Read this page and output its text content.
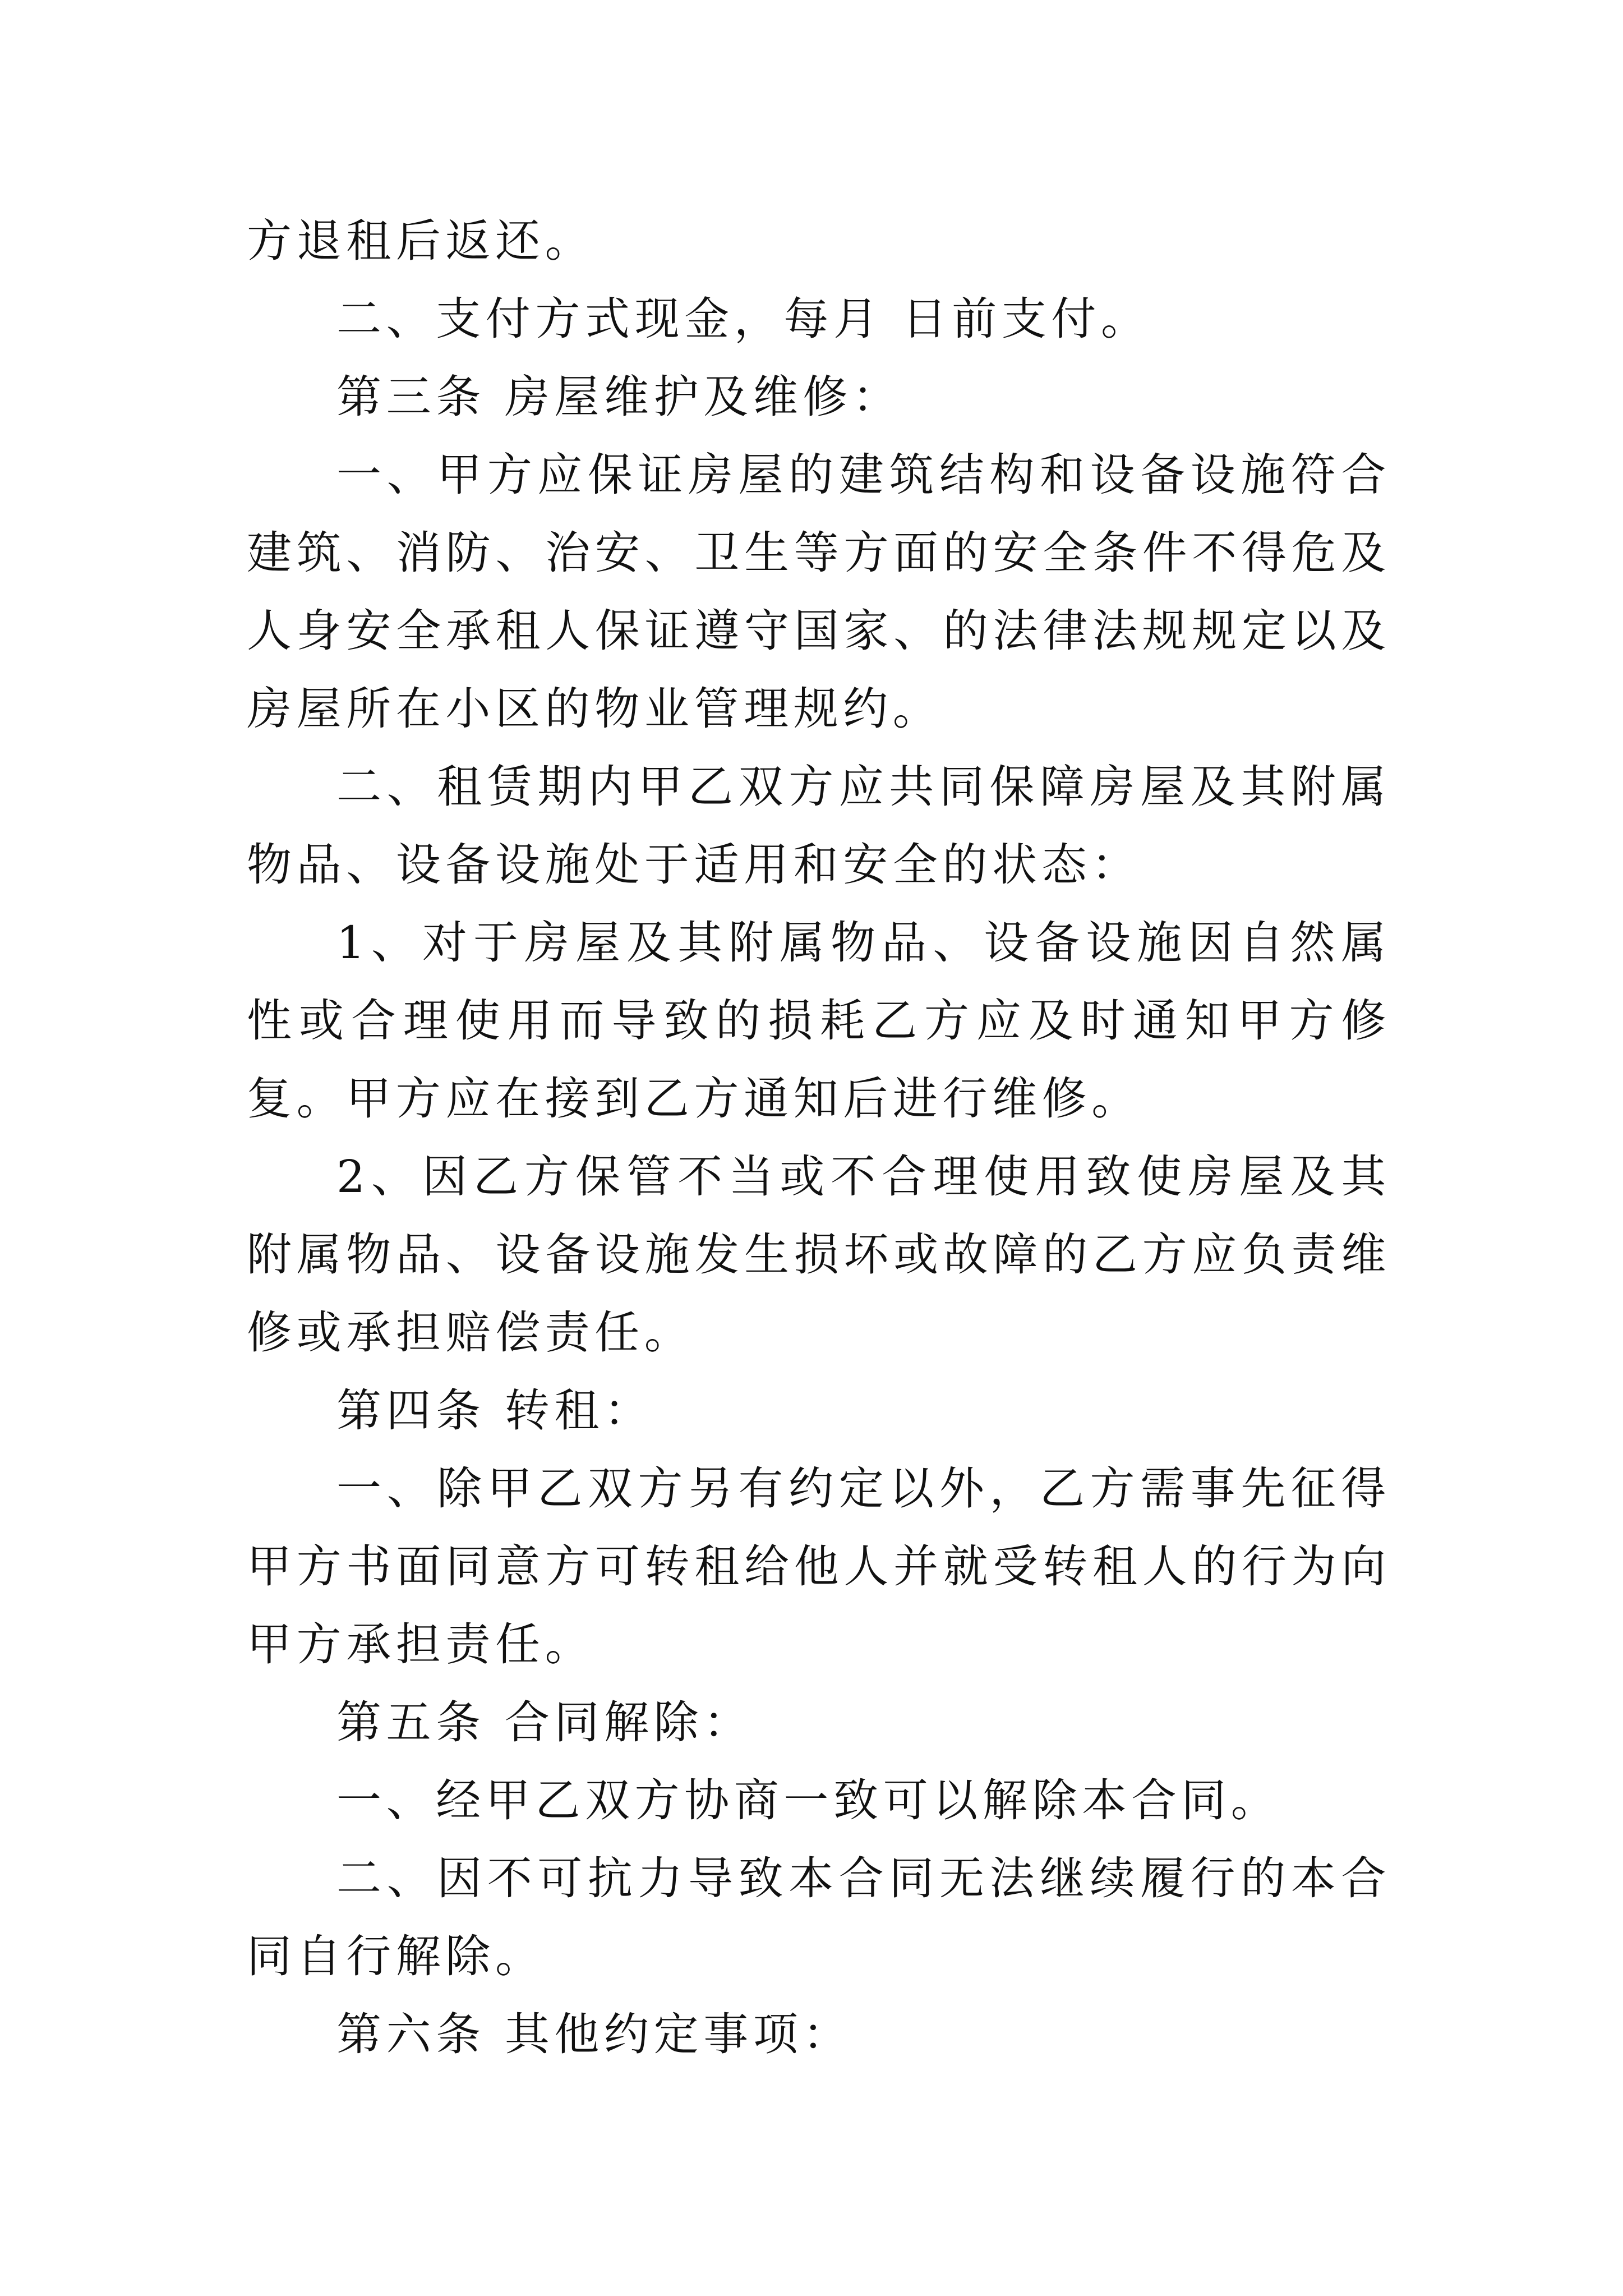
方退租后返还。

二、支付方式现金，每月 日前支付。

第三条 房屋维护及维修：

一、甲方应保证房屋的建筑结构和设备设施符合建筑、消防、治安、卫生等方面的安全条件不得危及人身安全承租人保证遵守国家、的法律法规规定以及房屋所在小区的物业管理规约。

二、租赁期内甲乙双方应共同保障房屋及其附属物品、设备设施处于适用和安全的状态：

1、对于房屋及其附属物品、设备设施因自然属性或合理使用而导致的损耗乙方应及时通知甲方修复。甲方应在接到乙方通知后进行维修。

2、因乙方保管不当或不合理使用致使房屋及其附属物品、设备设施发生损坏或故障的乙方应负责维修或承担赔偿责任。

第四条 转租：

一、除甲乙双方另有约定以外，乙方需事先征得甲方书面同意方可转租给他人并就受转租人的行为向甲方承担责任。

第五条 合同解除：

一、经甲乙双方协商一致可以解除本合同。

二、因不可抗力导致本合同无法继续履行的本合同自行解除。

第六条 其他约定事项：
